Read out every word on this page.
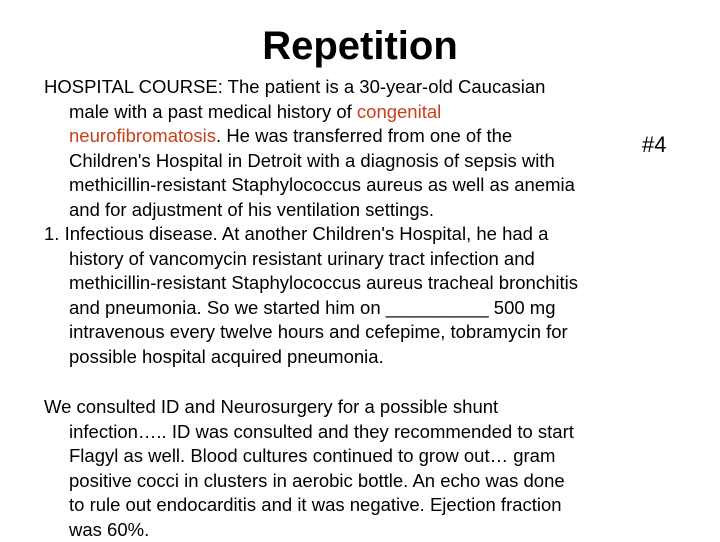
Repetition
#4
HOSPITAL COURSE: The patient is a 30-year-old Caucasian
male with a past medical history of congenital
neurofibromatosis. He was transferred from one of the
Children's Hospital in Detroit with a diagnosis of sepsis with
methicillin-resistant Staphylococcus aureus as well as anemia
and for adjustment of his ventilation settings.
1. Infectious disease. At another Children's Hospital, he had a
history of vancomycin resistant urinary tract infection and
methicillin-resistant Staphylococcus aureus tracheal bronchitis
and pneumonia. So we started him on __________ 500 mg
intravenous every twelve hours and cefepime, tobramycin for
possible hospital acquired pneumonia.
We consulted ID and Neurosurgery for a possible shunt
infection….. ID was consulted and they recommended to start
Flagyl as well. Blood cultures continued to grow out… gram
positive cocci in clusters in aerobic bottle. An echo was done
to rule out endocarditis and it was negative. Ejection fraction
was 60%.
